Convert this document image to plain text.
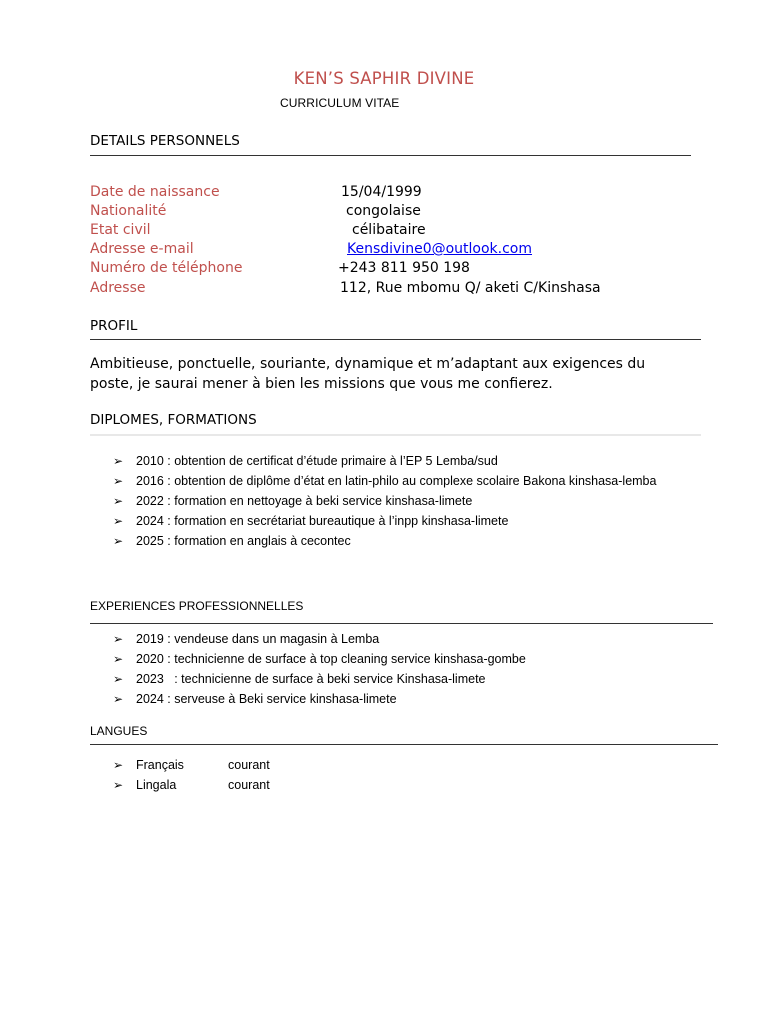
KEN’S SAPHIR DIVINE
CURRICULUM VITAE
DETAILS PERSONNELS
Date de naissance	15/04/1999
Nationalité	congolaise
Etat civil	célibataire
Adresse e-mail	Kensdivine0@outlook.com
Numéro de téléphone	+243 811 950 198
Adresse	112, Rue mbomu Q/ aketi C/Kinshasa
PROFIL
Ambitieuse, ponctuelle, souriante, dynamique et m’adaptant aux exigences du poste, je saurai mener à bien les missions que vous me confierez.
DIPLOMES, FORMATIONS
➢ 2010 : obtention de certificat d’étude primaire à l’EP 5 Lemba/sud
➢ 2016 : obtention de diplôme d’état en latin-philo au complexe scolaire Bakona kinshasa-lemba
➢ 2022 : formation en nettoyage à beki service kinshasa-limete
➢ 2024 : formation en secrétariat bureautique à l’inpp kinshasa-limete
➢ 2025 : formation en anglais à cecontec
EXPERIENCES PROFESSIONNELLES
➢ 2019 : vendeuse dans un magasin à Lemba
➢ 2020 : technicienne de surface à top cleaning service kinshasa-gombe
➢ 2023   : technicienne de surface à beki service Kinshasa-limete
➢ 2024 : serveuse à Beki service kinshasa-limete
LANGUES
➢ Français	courant
➢ Lingala	courant
